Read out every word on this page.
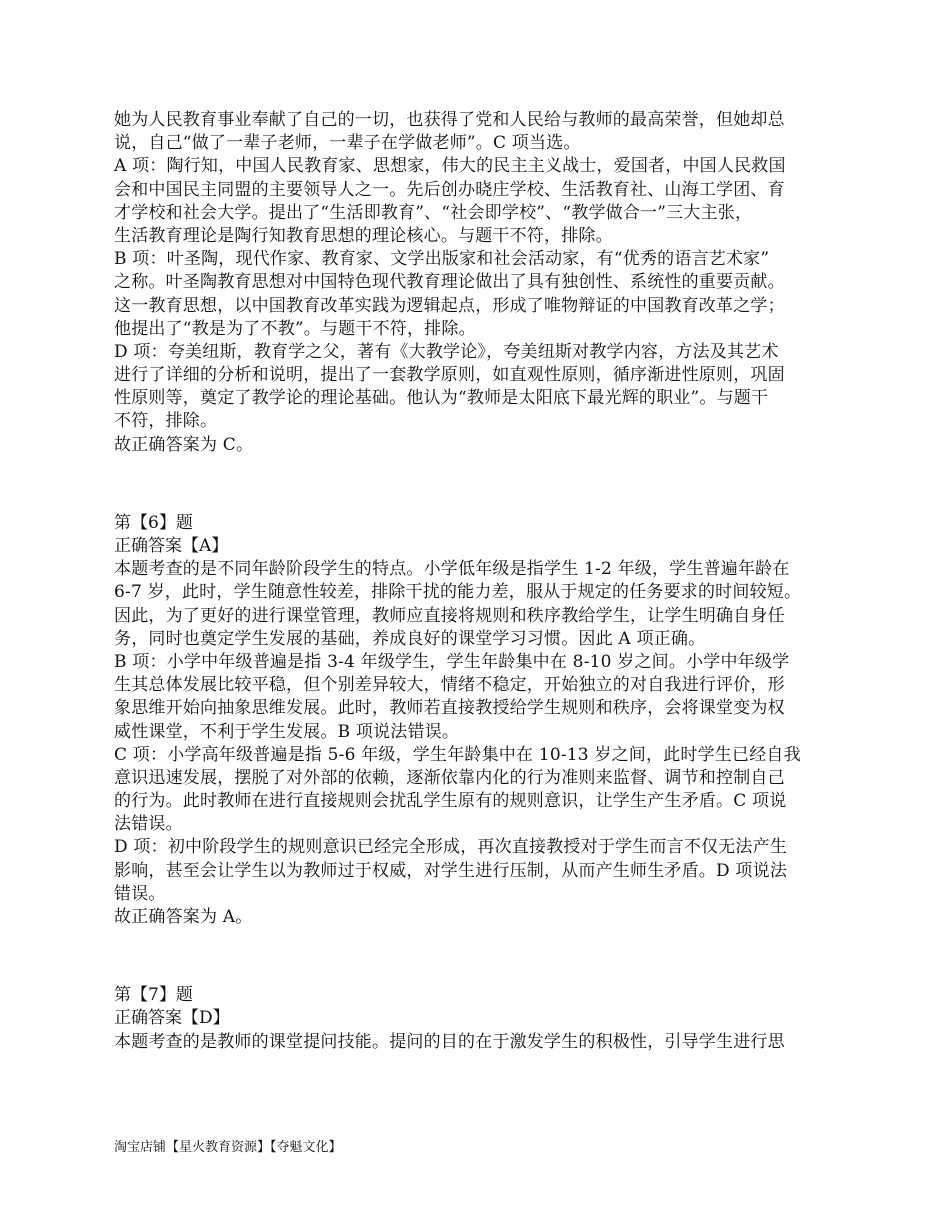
她为人民教育事业奉献了自己的一切，也获得了党和人民给与教师的最高荣誉，但她却总
说，自己“做了一辈子老师，一辈子在学做老师”。C 项当选。
A 项：陶行知，中国人民教育家、思想家，伟大的民主主义战士，爱国者，中国人民救国
会和中国民主同盟的主要领导人之一。先后创办晓庄学校、生活教育社、山海工学团、育
才学校和社会大学。提出了“生活即教育”、“社会即学校”、“教学做合一”三大主张，
生活教育理论是陶行知教育思想的理论核心。与题干不符，排除。
B 项：叶圣陶，现代作家、教育家、文学出版家和社会活动家，有“优秀的语言艺术家”
之称。叶圣陶教育思想对中国特色现代教育理论做出了具有独创性、系统性的重要贡献。
这一教育思想，以中国教育改革实践为逻辑起点，形成了唯物辩证的中国教育改革之学；
他提出了“教是为了不教”。与题干不符，排除。
D 项：夸美纽斯，教育学之父，著有《大教学论》，夸美纽斯对教学内容，方法及其艺术
进行了详细的分析和说明，提出了一套教学原则，如直观性原则，循序渐进性原则，巩固
性原则等，奠定了教学论的理论基础。他认为“教师是太阳底下最光辉的职业”。与题干
不符，排除。
故正确答案为 C。
第【6】题
正确答案【A】
本题考查的是不同年龄阶段学生的特点。小学低年级是指学生 1-2 年级，学生普遍年龄在
6-7 岁，此时，学生随意性较差，排除干扰的能力差，服从于规定的任务要求的时间较短。
因此，为了更好的进行课堂管理，教师应直接将规则和秩序教给学生，让学生明确自身任
务，同时也奠定学生发展的基础，养成良好的课堂学习习惯。因此 A 项正确。
B 项：小学中年级普遍是指 3-4 年级学生，学生年龄集中在 8-10 岁之间。小学中年级学
生其总体发展比较平稳，但个别差异较大，情绪不稳定，开始独立的对自我进行评价，形
象思维开始向抽象思维发展。此时，教师若直接教授给学生规则和秩序，会将课堂变为权
威性课堂，不利于学生发展。B 项说法错误。
C 项：小学高年级普遍是指 5-6 年级，学生年龄集中在 10-13 岁之间，此时学生已经自我
意识迅速发展，摆脱了对外部的依赖，逐渐依靠内化的行为准则来监督、调节和控制自己
的行为。此时教师在进行直接规则会扰乱学生原有的规则意识，让学生产生矛盾。C 项说
法错误。
D 项：初中阶段学生的规则意识已经完全形成，再次直接教授对于学生而言不仅无法产生
影响，甚至会让学生以为教师过于权威，对学生进行压制，从而产生师生矛盾。D 项说法
错误。
故正确答案为 A。
第【7】题
正确答案【D】
本题考查的是教师的课堂提问技能。提问的目的在于激发学生的积极性，引导学生进行思
淘宝店铺【星火教育资源】【夺魁文化】
